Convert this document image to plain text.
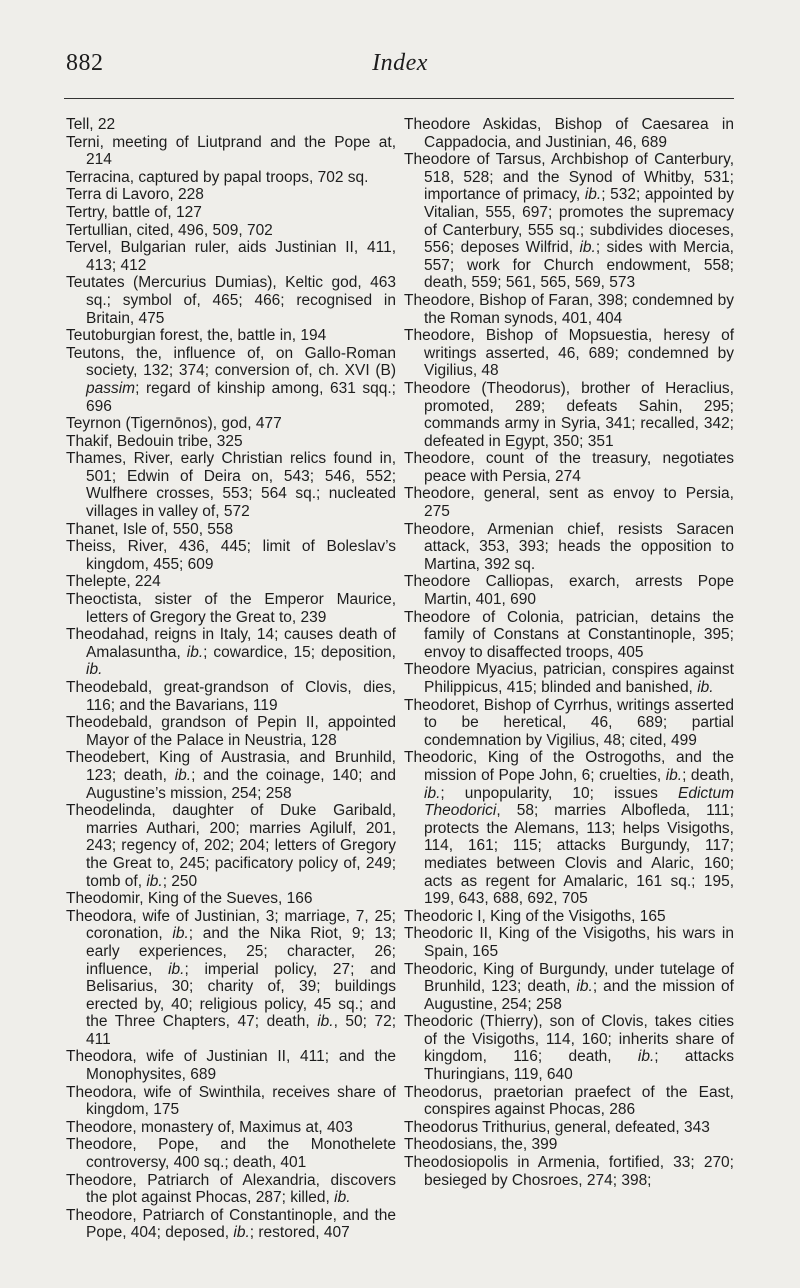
882	Index

Tell, 22

Terni, meeting of Liutprand and the Pope at, 214

Terracina, captured by papal troops, 702 sq.

Terra di Lavoro, 228

Tertry, battle of, 127

Tertullian, cited, 496, 509, 702

Tervel, Bulgarian ruler, aids Justinian II, 411, 413; 412

Teutates (Mercurius Dumias), Keltic god, 463 sq.; symbol of, 465; 466; recognised in Britain, 475

Teutoburgian forest, the, battle in, 194

Teutons, the, influence of, on Gallo-Roman society, 132; 374; conversion of, ch. XVI (B) passim; regard of kinship among, 631 sqq.; 696

Teyrnon (Tigernōnos), god, 477

Thakif, Bedouin tribe, 325

Thames, River, early Christian relics found in, 501; Edwin of Deira on, 543; 546, 552; Wulfhere crosses, 553; 564 sq.; nucleated villages in valley of, 572

Thanet, Isle of, 550, 558

Theiss, River, 436, 445; limit of Boleslav’s kingdom, 455; 609

Thelepte, 224

Theoctista, sister of the Emperor Maurice, letters of Gregory the Great to, 239

Theodahad, reigns in Italy, 14; causes death of Amalasuntha, ib.; cowardice, 15; deposition, ib.

Theodebald, great-grandson of Clovis, dies, 116; and the Bavarians, 119

Theodebald, grandson of Pepin II, appointed Mayor of the Palace in Neustria, 128

Theodebert, King of Austrasia, and Brunhild, 123; death, ib.; and the coinage, 140; and Augustine’s mission, 254; 258

Theodelinda, daughter of Duke Garibald, marries Authari, 200; marries Agilulf, 201, 243; regency of, 202; 204; letters of Gregory the Great to, 245; pacificatory policy of, 249; tomb of, ib.; 250

Theodomir, King of the Sueves, 166

Theodora, wife of Justinian, 3; marriage, 7, 25; coronation, ib.; and the Nika Riot, 9; 13; early experiences, 25; character, 26; influence, ib.; imperial policy, 27; and Belisarius, 30; charity of, 39; buildings erected by, 40; religious policy, 45 sq.; and the Three Chapters, 47; death, ib., 50; 72; 411

Theodora, wife of Justinian II, 411; and the Monophysites, 689

Theodora, wife of Swinthila, receives share of kingdom, 175

Theodore, monastery of, Maximus at, 403

Theodore, Pope, and the Monothelete controversy, 400 sq.; death, 401

Theodore, Patriarch of Alexandria, discovers the plot against Phocas, 287; killed, ib.

Theodore, Patriarch of Constantinople, and the Pope, 404; deposed, ib.; restored, 407

Theodore Askidas, Bishop of Caesarea in Cappadocia, and Justinian, 46, 689

Theodore of Tarsus, Archbishop of Canterbury, 518, 528; and the Synod of Whitby, 531; importance of primacy, ib.; 532; appointed by Vitalian, 555, 697; promotes the supremacy of Canterbury, 555 sq.; subdivides dioceses, 556; deposes Wilfrid, ib.; sides with Mercia, 557; work for Church endowment, 558; death, 559; 561, 565, 569, 573

Theodore, Bishop of Faran, 398; condemned by the Roman synods, 401, 404

Theodore, Bishop of Mopsuestia, heresy of writings asserted, 46, 689; condemned by Vigilius, 48

Theodore (Theodorus), brother of Heraclius, promoted, 289; defeats Sahin, 295; commands army in Syria, 341; recalled, 342; defeated in Egypt, 350; 351

Theodore, count of the treasury, negotiates peace with Persia, 274

Theodore, general, sent as envoy to Persia, 275

Theodore, Armenian chief, resists Saracen attack, 353, 393; heads the opposition to Martina, 392 sq.

Theodore Calliopas, exarch, arrests Pope Martin, 401, 690

Theodore of Colonia, patrician, detains the family of Constans at Constantinople, 395; envoy to disaffected troops, 405

Theodore Myacius, patrician, conspires against Philippicus, 415; blinded and banished, ib.

Theodoret, Bishop of Cyrrhus, writings asserted to be heretical, 46, 689; partial condemnation by Vigilius, 48; cited, 499

Theodoric, King of the Ostrogoths, and the mission of Pope John, 6; cruelties, ib.; death, ib.; unpopularity, 10; issues Edictum Theodorici, 58; marries Albofleda, 111; protects the Alemans, 113; helps Visigoths, 114, 161; 115; attacks Burgundy, 117; mediates between Clovis and Alaric, 160; acts as regent for Amalaric, 161 sq.; 195, 199, 643, 688, 692, 705

Theodoric I, King of the Visigoths, 165

Theodoric II, King of the Visigoths, his wars in Spain, 165

Theodoric, King of Burgundy, under tutelage of Brunhild, 123; death, ib.; and the mission of Augustine, 254; 258

Theodoric (Thierry), son of Clovis, takes cities of the Visigoths, 114, 160; inherits share of kingdom, 116; death, ib.; attacks Thuringians, 119, 640

Theodorus, praetorian praefect of the East, conspires against Phocas, 286

Theodorus Trithurius, general, defeated, 343

Theodosians, the, 399

Theodosiopolis in Armenia, fortified, 33; 270; besieged by Chosroes, 274; 398;
